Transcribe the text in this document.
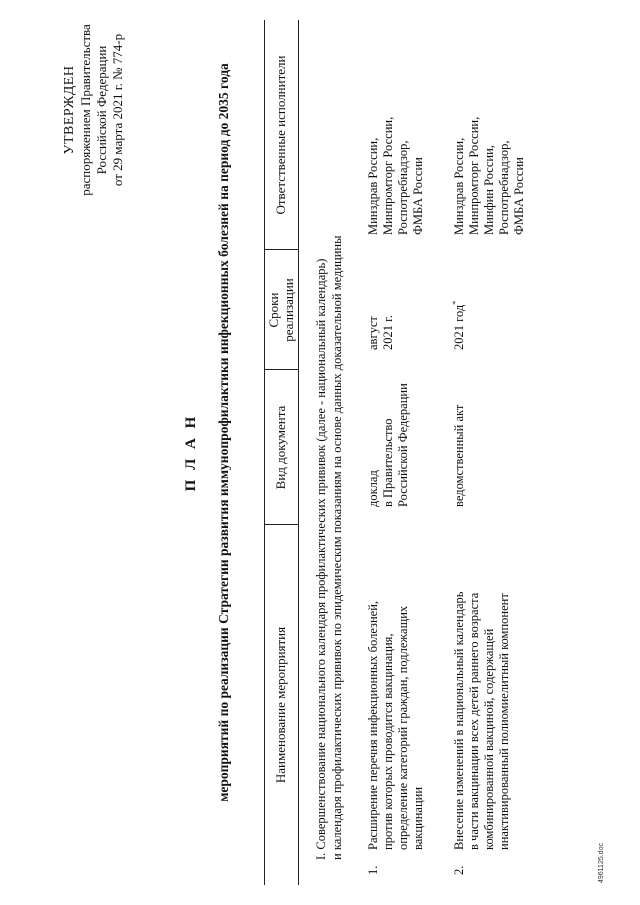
УТВЕРЖДЕН распоряжением Правительства Российской Федерации от 29 марта 2021 г. № 774-р
П Л А Н мероприятий по реализации Стратегии развития иммунопрофилактики инфекционных болезней на период до 2035 года	Наименование мероприятия
Вид документа
Сроки реализации
Ответственные исполнители
I. Совершенствование национального календаря профилактических прививок (далее - национальный календарь) и календаря профилактических прививок по эпидемическим показаниям на основе данных доказательной медицины
1.
Расширение перечня инфекционных болезней, против которых проводится вакцинация, определение категорий граждан, подлежащих вакцинации
доклад в Правительство Российской Федерации
август 2021 г.
Минздрав России, Минпромторг России, Роспотребнадзор, ФМБА России
2.
Внесение изменений в национальный календарь в части вакцинации всех детей раннего возраста комбинированной вакциной, содержащей инактивированный полиомиелитный компонент
ведомственный акт
2021 год*
Минздрав России, Минпромторг России, Минфин России, Роспотребнадзор, ФМБА России
4961125.doc
